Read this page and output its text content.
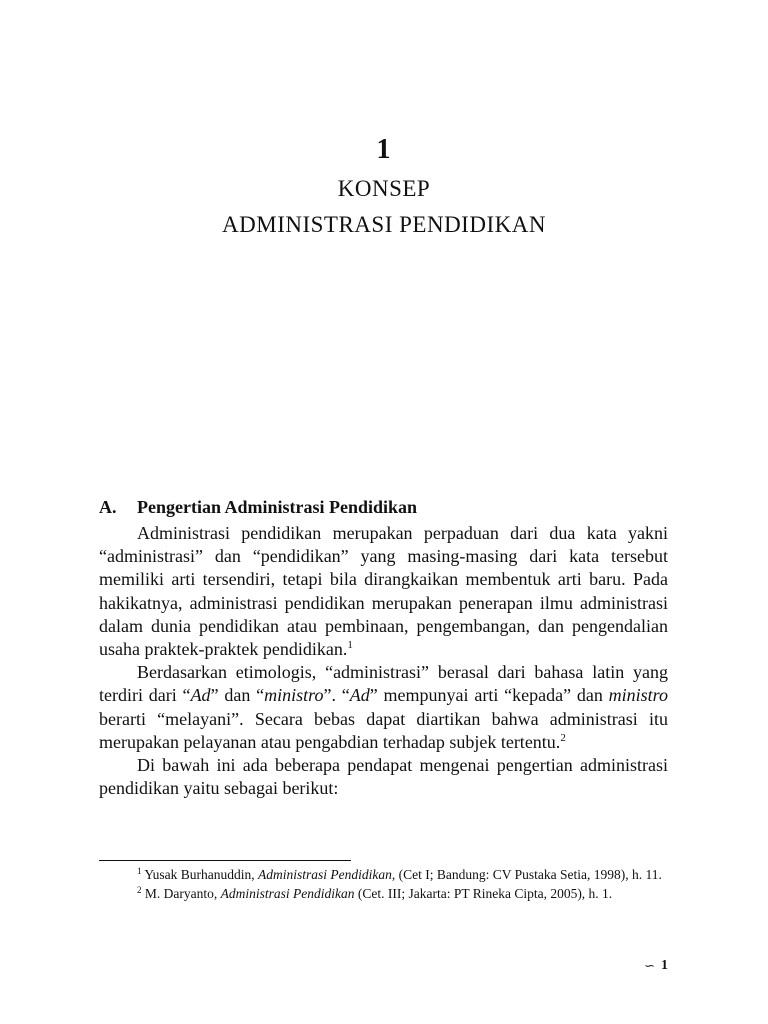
1
KONSEP
ADMINISTRASI PENDIDIKAN
A. Pengertian Administrasi Pendidikan

Administrasi pendidikan merupakan perpaduan dari dua kata yakni “administrasi” dan “pendidikan” yang masing-masing dari kata tersebut memiliki arti tersendiri, tetapi bila dirangkaikan membentuk arti baru. Pada hakikatnya, administrasi pendidikan merupakan penerapan ilmu administrasi dalam dunia pendidikan atau pembinaan, pengembangan, dan pengendalian usaha praktek-praktek pendidikan.$^1$

Berdasarkan etimologis, “administrasi” berasal dari bahasa latin yang terdiri dari “Ad” dan “ministro”. “Ad” mempunyai arti “kepada” dan ministro berarti “melayani”. Secara bebas dapat diartikan bahwa administrasi itu merupakan pelayanan atau pengabdian terhadap subjek tertentu.$^2$

Di bawah ini ada beberapa pendapat mengenai pengertian administrasi pendidikan yaitu sebagai berikut:

$^1$ Yusak Burhanuddin, Administrasi Pendidikan, (Cet I; Bandung: CV Pustaka Setia, 1998), h. 11.

$^2$ M. Daryanto, Administrasi Pendidikan (Cet. III; Jakarta: PT Rineka Cipta, 2005), h. 1.

∽ 1
